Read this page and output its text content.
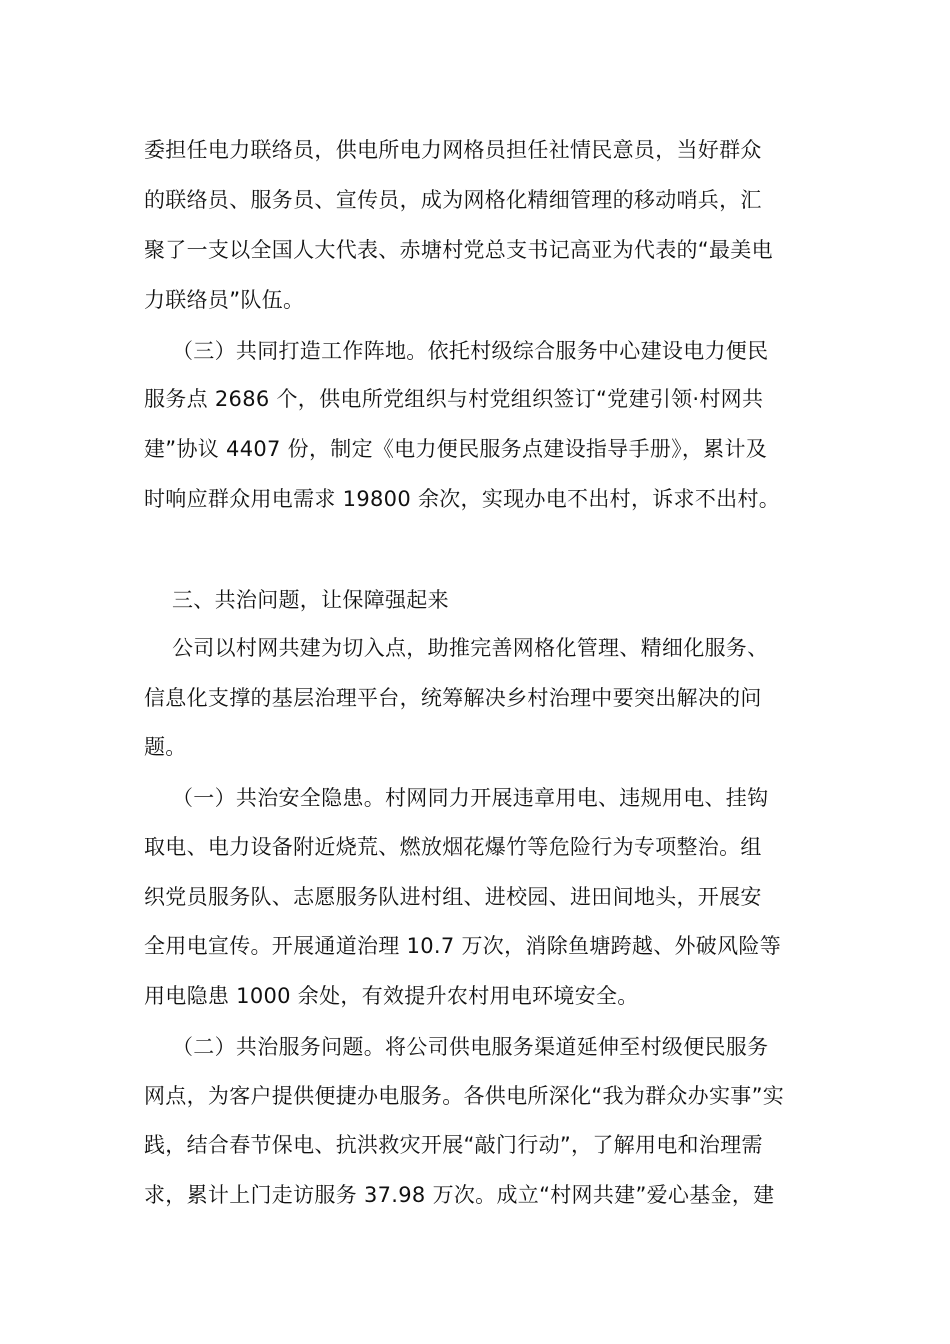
委担任电力联络员，供电所电力网格员担任社情民意员，当好群众
的联络员、服务员、宣传员，成为网格化精细管理的移动哨兵，汇
聚了一支以全国人大代表、赤塘村党总支书记高亚为代表的“最美电
力联络员”队伍。
（三）共同打造工作阵地。依托村级综合服务中心建设电力便民
服务点 2686 个，供电所党组织与村党组织签订“党建引领·村网共
建”协议 4407 份，制定《电力便民服务点建设指导手册》，累计及
时响应群众用电需求 19800 余次，实现办电不出村，诉求不出村。
三、共治问题，让保障强起来
公司以村网共建为切入点，助推完善网格化管理、精细化服务、
信息化支撑的基层治理平台，统筹解决乡村治理中要突出解决的问
题。
（一）共治安全隐患。村网同力开展违章用电、违规用电、挂钩
取电、电力设备附近烧荒、燃放烟花爆竹等危险行为专项整治。组
织党员服务队、志愿服务队进村组、进校园、进田间地头，开展安
全用电宣传。开展通道治理 10.7 万次，消除鱼塘跨越、外破风险等
用电隐患 1000 余处，有效提升农村用电环境安全。
（二）共治服务问题。将公司供电服务渠道延伸至村级便民服务
网点，为客户提供便捷办电服务。各供电所深化“我为群众办实事”实
践，结合春节保电、抗洪救灾开展“敲门行动”，了解用电和治理需
求，累计上门走访服务 37.98 万次。成立“村网共建”爱心基金，建
